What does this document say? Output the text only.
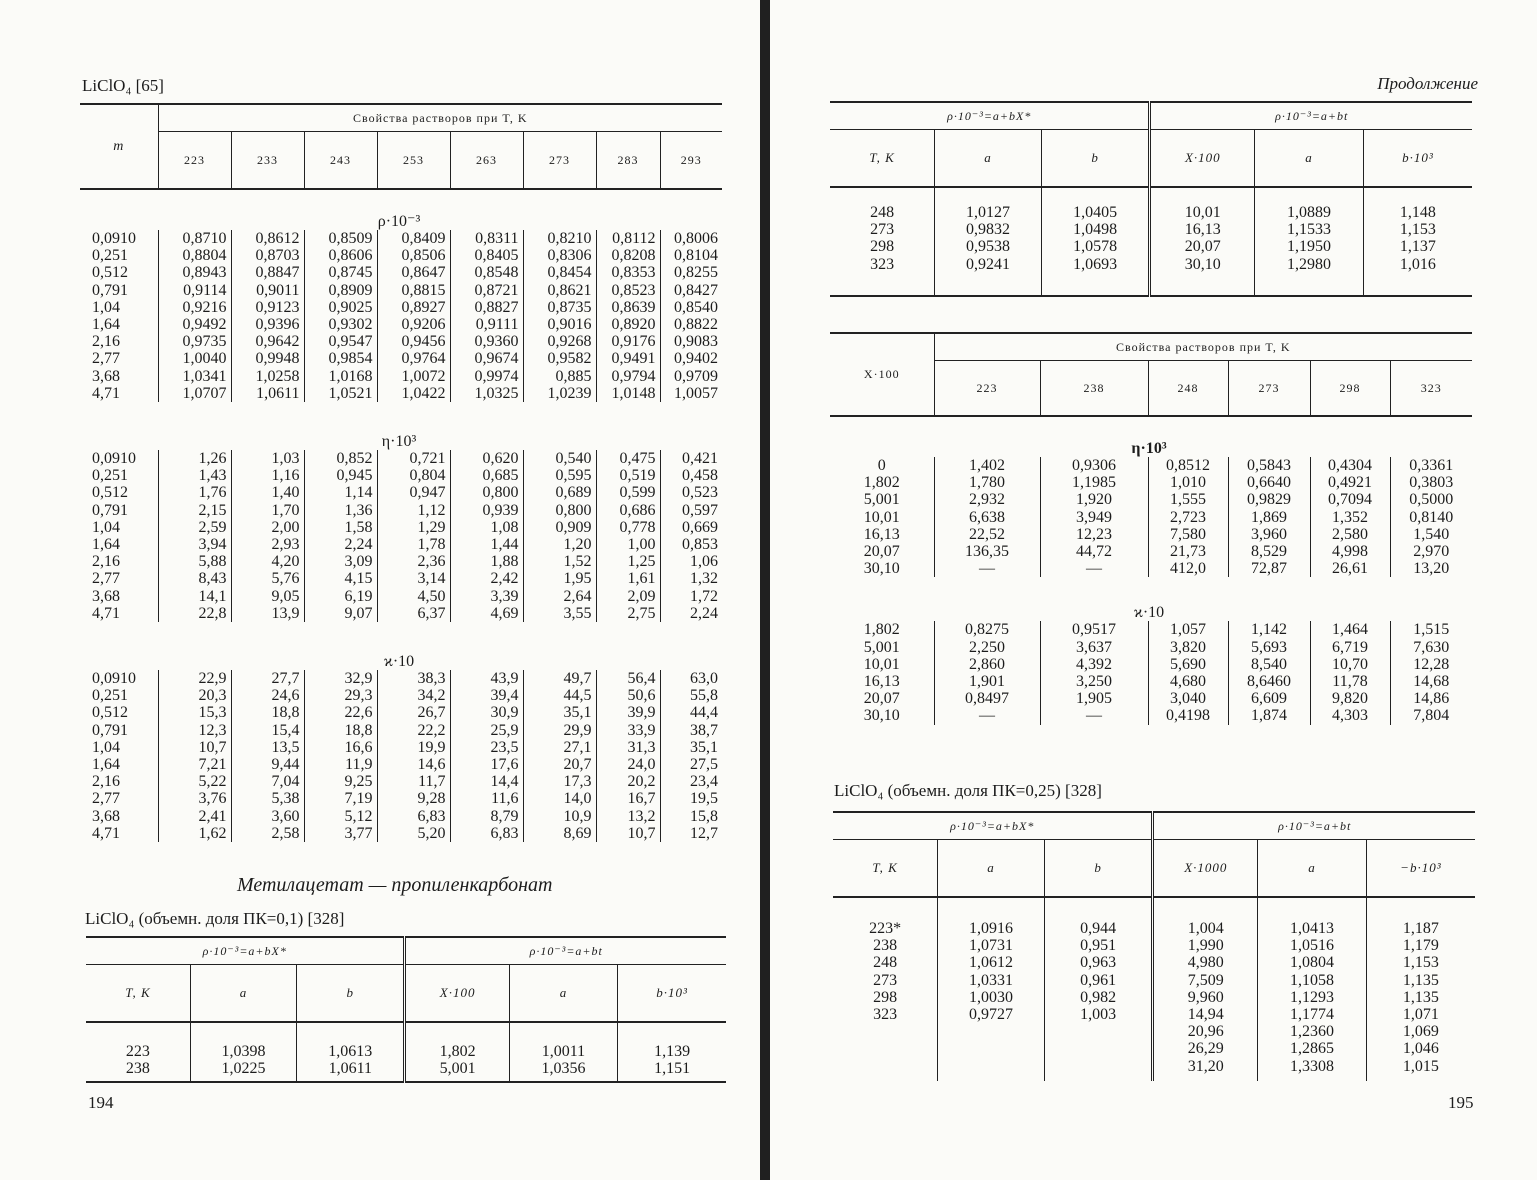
LiClO₄ [65]
m	Свойства растворов при T, K							
	223	233	243	253	263	273	283	293
ρ·10⁻³								
0,0910	0,8710	0,8612	0,8509	0,8409	0,8311	0,8210	0,8112	0,8006
0,251	0,8804	0,8703	0,8606	0,8506	0,8405	0,8306	0,8208	0,8104
0,512	0,8943	0,8847	0,8745	0,8647	0,8548	0,8454	0,8353	0,8255
0,791	0,9114	0,9011	0,8909	0,8815	0,8721	0,8621	0,8523	0,8427
1,04	0,9216	0,9123	0,9025	0,8927	0,8827	0,8735	0,8639	0,8540
1,64	0,9492	0,9396	0,9302	0,9206	0,9111	0,9016	0,8920	0,8822
2,16	0,9735	0,9642	0,9547	0,9456	0,9360	0,9268	0,9176	0,9083
2,77	1,0040	0,9948	0,9854	0,9764	0,9674	0,9582	0,9491	0,9402
3,68	1,0341	1,0258	1,0168	1,0072	0,9974	0,885	0,9794	0,9709
4,71	1,0707	1,0611	1,0521	1,0422	1,0325	1,0239	1,0148	1,0057
η·10³								
0,0910	1,26	1,03	0,852	0,721	0,620	0,540	0,475	0,421
0,251	1,43	1,16	0,945	0,804	0,685	0,595	0,519	0,458
0,512	1,76	1,40	1,14	0,947	0,800	0,689	0,599	0,523
0,791	2,15	1,70	1,36	1,12	0,939	0,800	0,686	0,597
1,04	2,59	2,00	1,58	1,29	1,08	0,909	0,778	0,669
1,64	3,94	2,93	2,24	1,78	1,44	1,20	1,00	0,853
2,16	5,88	4,20	3,09	2,36	1,88	1,52	1,25	1,06
2,77	8,43	5,76	4,15	3,14	2,42	1,95	1,61	1,32
3,68	14,1	9,05	6,19	4,50	3,39	2,64	2,09	1,72
4,71	22,8	13,9	9,07	6,37	4,69	3,55	2,75	2,24
ϰ·10								
0,0910	22,9	27,7	32,9	38,3	43,9	49,7	56,4	63,0
0,251	20,3	24,6	29,3	34,2	39,4	44,5	50,6	55,8
0,512	15,3	18,8	22,6	26,7	30,9	35,1	39,9	44,4
0,791	12,3	15,4	18,8	22,2	25,9	29,9	33,9	38,7
1,04	10,7	13,5	16,6	19,9	23,5	27,1	31,3	35,1
1,64	7,21	9,44	11,9	14,6	17,6	20,7	24,0	27,5
2,16	5,22	7,04	9,25	11,7	14,4	17,3	20,2	23,4
2,77	3,76	5,38	7,19	9,28	11,6	14,0	16,7	19,5
3,68	2,41	3,60	5,12	6,83	8,79	10,9	13,2	15,8
4,71	1,62	2,58	3,77	5,20	6,83	8,69	10,7	12,7
Метилацетат — пропиленкарбонат
LiClO₄ (объемн. доля ПК=0,1) [328]
ρ·10⁻³=a+bX*			ρ·10⁻³=a+bt		
T, K	a	b	X·100	a	b·10³

223	1,0398	1,0613	1,802	1,0011	1,139
238	1,0225	1,0611	5,001	1,0356	1,151

194
Продолжение
ρ·10⁻³=a+bX*			ρ·10⁻³=a+bt		
T, K	a	b	X·100	a	b·10³

248	1,0127	1,0405	10,01	1,0889	1,148
273	0,9832	1,0498	16,13	1,1533	1,153
298	0,9538	1,0578	20,07	1,1950	1,137
323	0,9241	1,0693	30,10	1,2980	1,016

X·100	Свойства растворов при T, K					
	223	238	248	273	298	323
η·10³						
0	1,402	0,9306	0,8512	0,5843	0,4304	0,3361
1,802	1,780	1,1985	1,010	0,6640	0,4921	0,3803
5,001	2,932	1,920	1,555	0,9829	0,7094	0,5000
10,01	6,638	3,949	2,723	1,869	1,352	0,8140
16,13	22,52	12,23	7,580	3,960	2,580	1,540
20,07	136,35	44,72	21,73	8,529	4,998	2,970
30,10	—	—	412,0	72,87	26,61	13,20
ϰ·10						
1,802	0,8275	0,9517	1,057	1,142	1,464	1,515
5,001	2,250	3,637	3,820	5,693	6,719	7,630
10,01	2,860	4,392	5,690	8,540	10,70	12,28
16,13	1,901	3,250	4,680	8,6460	11,78	14,68
20,07	0,8497	1,905	3,040	6,609	9,820	14,86
30,10	—	—	0,4198	1,874	4,303	7,804
LiClO₄ (объемн. доля ПК=0,25) [328]
ρ·10⁻³=a+bX*			ρ·10⁻³=a+bt		
T, K	a	b	X·1000	a	−b·10³

223*	1,0916	0,944	1,004	1,0413	1,187
238	1,0731	0,951	1,990	1,0516	1,179
248	1,0612	0,963	4,980	1,0804	1,153
273	1,0331	0,961	7,509	1,1058	1,135
298	1,0030	0,982	9,960	1,1293	1,135
323	0,9727	1,003	14,94	1,1774	1,071
			20,96	1,2360	1,069
			26,29	1,2865	1,046
			31,20	1,3308	1,015

195
